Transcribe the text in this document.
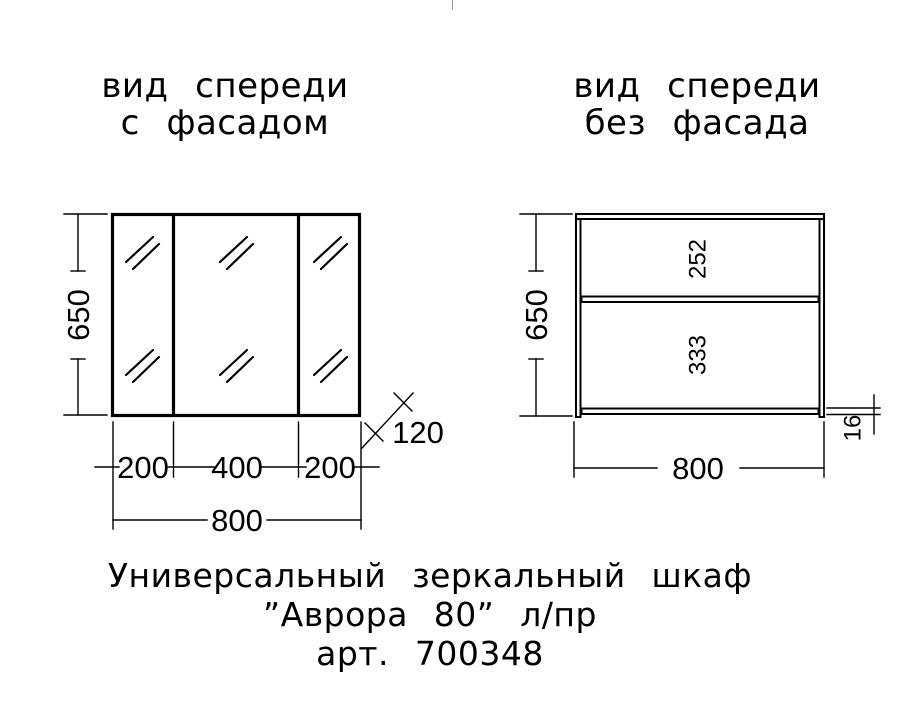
вид спереди
с фасадом
вид спереди
без фасада
650
200 400 200
800
120
252
333
650
800
16
Универсальный зеркальный шкаф
”Аврора 80” л/пр
арт. 700348
